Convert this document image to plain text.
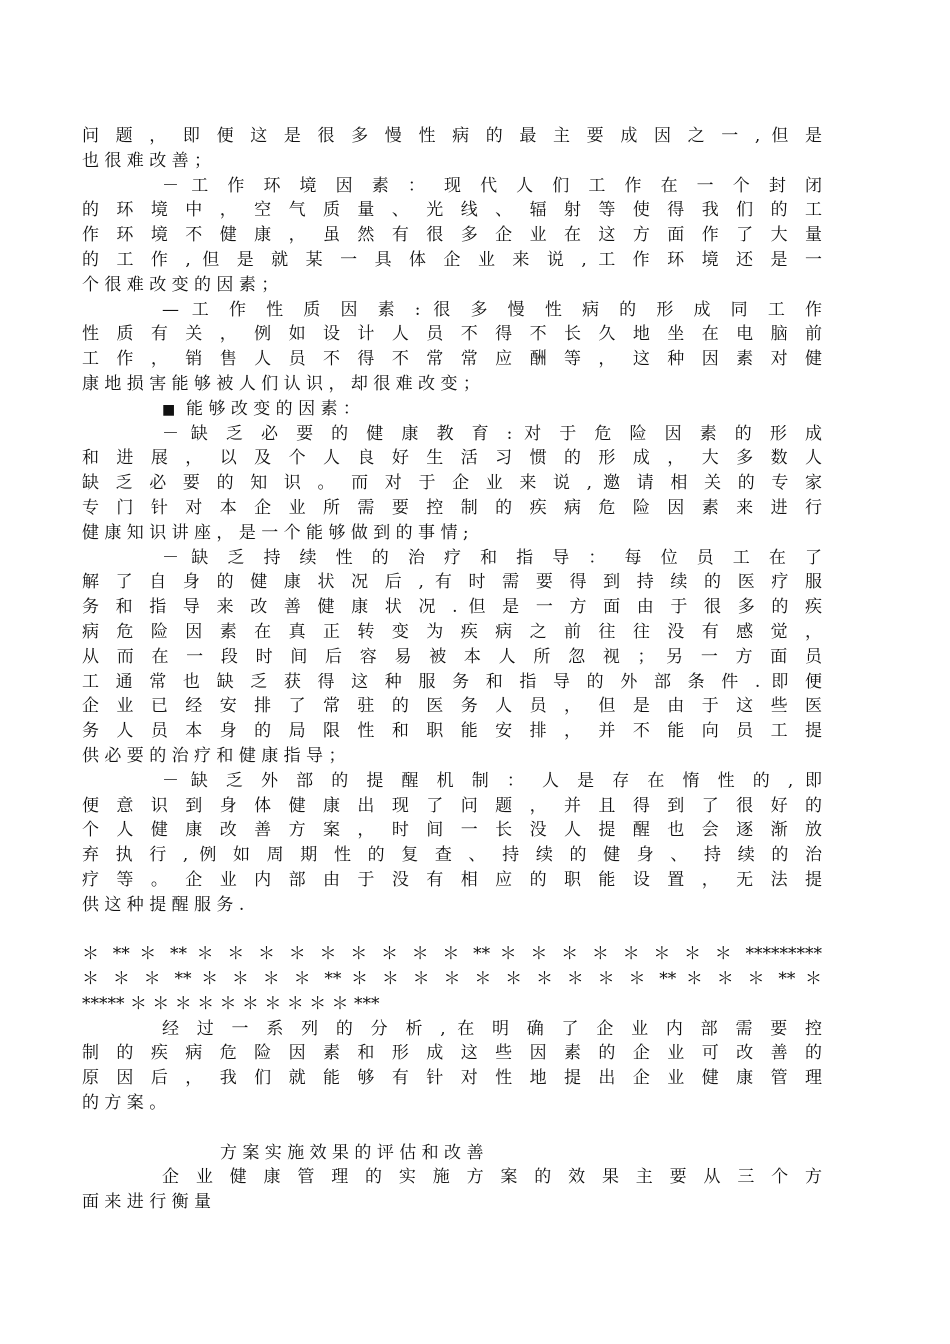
问 题 ， 即 便 这 是 很 多 慢 性 病 的 最 主 要 成 因 之 一 , 但 是
也 很 难 改 善 ；
－ 工 作 环 境 因 素 ： 现 代 人 们 工 作 在 一 个 封 闭
的 环 境 中 ， 空 气 质 量 、 光 线 、 辐 射 等 使 得 我 们 的 工
作 环 境 不 健 康 ， 虽 然 有 很 多 企 业 在 这 方 面 作 了 大 量
的 工 作 , 但 是 就 某 一 具 体 企 业 来 说 , 工 作 环 境 还 是 一
个 很 难 改 变 的 因 素 ；
— 工 作 性 质 因 素 : 很 多 慢 性 病 的 形 成 同 工 作
性 质 有 关 ， 例 如 设 计 人 员 不 得 不 长 久 地 坐 在 电 脑 前
工 作 ， 销 售 人 员 不 得 不 常 常 应 酬 等 ， 这 种 因 素 对 健
康 地 损 害 能 够 被 人 们 认 识 ， 却 很 难 改 变 ；
■ 能 够 改 变 的 因 素 ：
－ 缺 乏 必 要 的 健 康 教 育 : 对 于 危 险 因 素 的 形 成
和 进 展 ， 以 及 个 人 良 好 生 活 习 惯 的 形 成 ， 大 多 数 人
缺 乏 必 要 的 知 识 。 而 对 于 企 业 来 说 , 邀 请 相 关 的 专 家
专 门 针 对 本 企 业 所 需 要 控 制 的 疾 病 危 险 因 素 来 进 行
健 康 知 识 讲 座 ， 是 一 个 能 够 做 到 的 事 情 ;
－ 缺 乏 持 续 性 的 治 疗 和 指 导 ： 每 位 员 工 在 了
解 了 自 身 的 健 康 状 况 后 , 有 时 需 要 得 到 持 续 的 医 疗 服
务 和 指 导 来 改 善 健 康 状 况 . 但 是 一 方 面 由 于 很 多 的 疾
病 危 险 因 素 在 真 正 转 变 为 疾 病 之 前 往 往 没 有 感 觉 ，
从 而 在 一 段 时 间 后 容 易 被 本 人 所 忽 视 ； 另 一 方 面 员
工 通 常 也 缺 乏 获 得 这 种 服 务 和 指 导 的 外 部 条 件 . 即 便
企 业 已 经 安 排 了 常 驻 的 医 务 人 员 ， 但 是 由 于 这 些 医
务 人 员 本 身 的 局 限 性 和 职 能 安 排 ， 并 不 能 向 员 工 提
供 必 要 的 治 疗 和 健 康 指 导 ；
－ 缺 乏 外 部 的 提 醒 机 制 ： 人 是 存 在 惰 性 的 , 即
便 意 识 到 身 体 健 康 出 现 了 问 题 ， 并 且 得 到 了 很 好 的
个 人 健 康 改 善 方 案 ， 时 间 一 长 没 人 提 醒 也 会 逐 渐 放
弃 执 行 , 例 如 周 期 性 的 复 查 、 持 续 的 健 身 、 持 续 的 治
疗 等 。 企 业 内 部 由 于 没 有 相 应 的 职 能 设 置 ， 无 法 提
供 这 种 提 醒 服 务 .
＊ ** ＊ ** ＊ ＊ ＊ ＊ ＊ ＊ ＊ ＊ ＊ ** ＊ ＊ ＊ ＊ ＊ ＊ ＊ ＊ *********
＊ ＊ ＊ ** ＊ ＊ ＊ ＊ ** ＊ ＊ ＊ ＊ ＊ ＊ ＊ ＊ ＊ ＊ ** ＊ ＊ ＊ ** ＊
***** ＊ ＊ ＊ ＊ ＊ ＊ ＊ ＊ ＊ ＊ ***
经 过 一 系 列 的 分 析 , 在 明 确 了 企 业 内 部 需 要 控
制 的 疾 病 危 险 因 素 和 形 成 这 些 因 素 的 企 业 可 改 善 的
原 因 后 ， 我 们 就 能 够 有 针 对 性 地 提 出 企 业 健 康 管 理
的 方 案 。
方 案 实 施 效 果 的 评 估 和 改 善
企 业 健 康 管 理 的 实 施 方 案 的 效 果 主 要 从 三 个 方
面 来 进 行 衡 量
